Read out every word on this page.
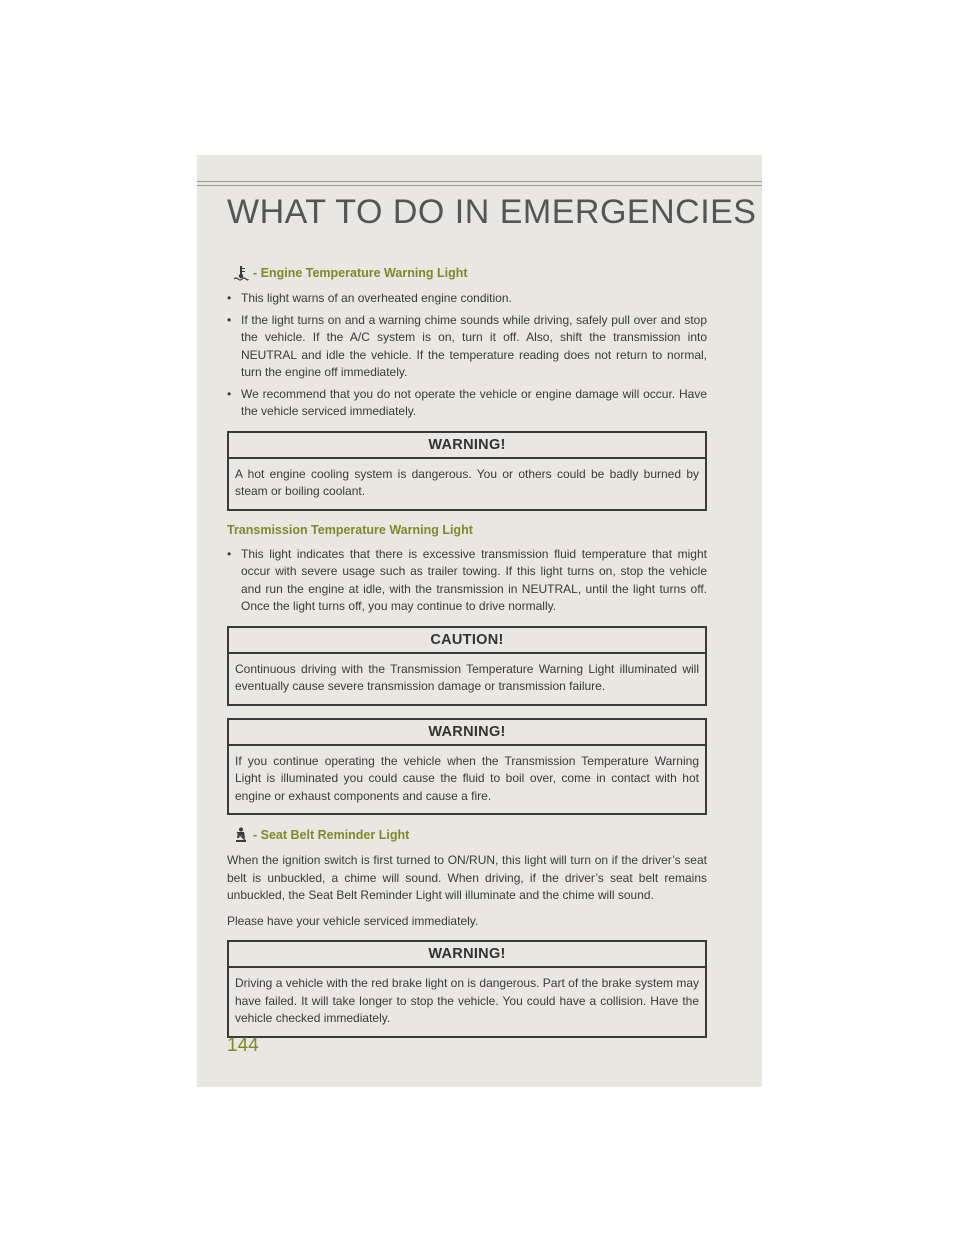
WHAT TO DO IN EMERGENCIES
- Engine Temperature Warning Light
• This light warns of an overheated engine condition.
• If the light turns on and a warning chime sounds while driving, safely pull over and stop the vehicle. If the A/C system is on, turn it off. Also, shift the transmission into NEUTRAL and idle the vehicle. If the temperature reading does not return to normal, turn the engine off immediately.
• We recommend that you do not operate the vehicle or engine damage will occur. Have the vehicle serviced immediately.
WARNING!
A hot engine cooling system is dangerous. You or others could be badly burned by steam or boiling coolant.
Transmission Temperature Warning Light
• This light indicates that there is excessive transmission fluid temperature that might occur with severe usage such as trailer towing. If this light turns on, stop the vehicle and run the engine at idle, with the transmission in NEUTRAL, until the light turns off. Once the light turns off, you may continue to drive normally.
CAUTION!
Continuous driving with the Transmission Temperature Warning Light illuminated will eventually cause severe transmission damage or transmission failure.
WARNING!
If you continue operating the vehicle when the Transmission Temperature Warning Light is illuminated you could cause the fluid to boil over, come in contact with hot engine or exhaust components and cause a fire.
- Seat Belt Reminder Light

When the ignition switch is first turned to ON/RUN, this light will turn on if the driver’s seat belt is unbuckled, a chime will sound. When driving, if the driver’s seat belt remains unbuckled, the Seat Belt Reminder Light will illuminate and the chime will sound.

Please have your vehicle serviced immediately.

WARNING!
Driving a vehicle with the red brake light on is dangerous. Part of the brake system may have failed. It will take longer to stop the vehicle. You could have a collision. Have the vehicle checked immediately.
144
